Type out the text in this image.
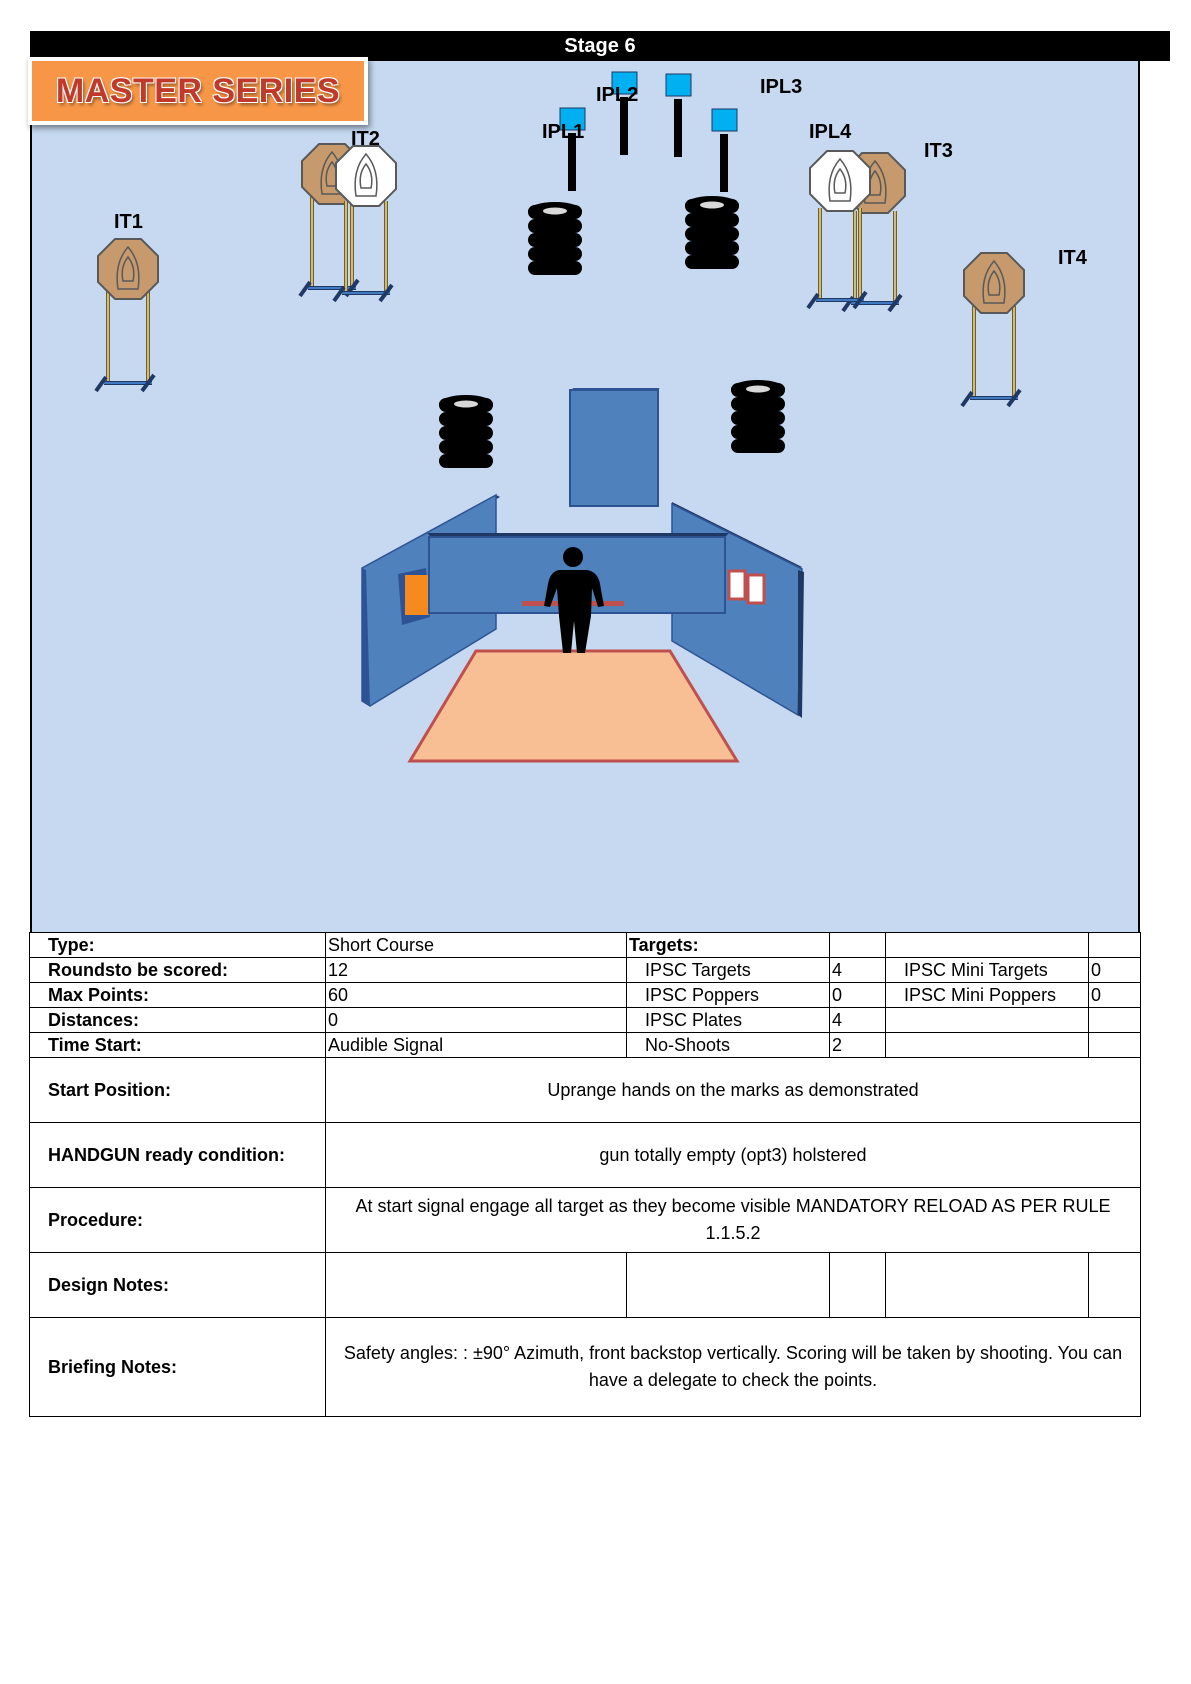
Stage 6
IT1
IT2
IT3
IT4
IPL1
IPL2	IPL3
IPL4
MASTER SERIES
Type:	Short Course	Targets:			
Roundsto be scored:	12	IPSC Targets	4	IPSC Mini Targets	0
Max Points:	60	IPSC Poppers	0	IPSC Mini Poppers	0
Distances:	0	IPSC Plates	4		
Time Start:	Audible Signal	No-Shoots	2		
Start Position:	Uprange hands on the marks as demonstrated				
HANDGUN ready condition:	gun totally empty (opt3) holstered				
Procedure:	At start signal engage all target as they become visible MANDATORY RELOAD AS PER RULE 1.1.5.2				
Design Notes:					
Briefing Notes:	Safety angles: : ±90° Azimuth, front backstop vertically. Scoring will be taken by shooting. You can have a delegate to check the points.				
